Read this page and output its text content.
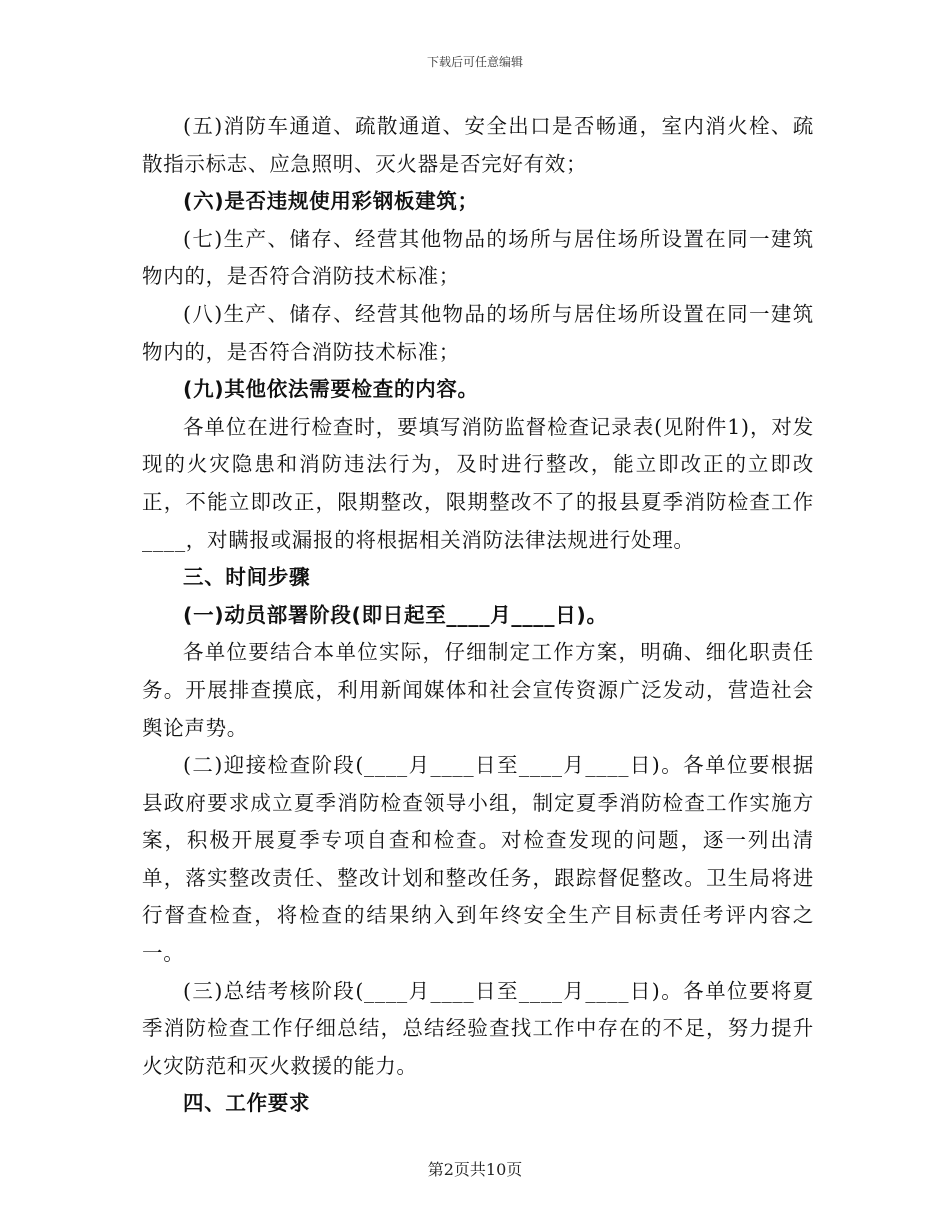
下载后可任意编辑

(五)消防车通道、疏散通道、安全出口是否畅通，室内消火栓、疏散指示标志、应急照明、灭火器是否完好有效；

(六)是否违规使用彩钢板建筑；

(七)生产、储存、经营其他物品的场所与居住场所设置在同一建筑物内的，是否符合消防技术标准；

(八)生产、储存、经营其他物品的场所与居住场所设置在同一建筑物内的，是否符合消防技术标准；

(九)其他依法需要检查的内容。

各单位在进行检查时，要填写消防监督检查记录表(见附件1)，对发现的火灾隐患和消防违法行为，及时进行整改，能立即改正的立即改正，不能立即改正，限期整改，限期整改不了的报县夏季消防检查工作____，对瞒报或漏报的将根据相关消防法律法规进行处理。

三、时间步骤

(一)动员部署阶段(即日起至____月____日)。

各单位要结合本单位实际，仔细制定工作方案，明确、细化职责任务。开展排查摸底，利用新闻媒体和社会宣传资源广泛发动，营造社会舆论声势。

(二)迎接检查阶段(____月____日至____月____日)。各单位要根据县政府要求成立夏季消防检查领导小组，制定夏季消防检查工作实施方案，积极开展夏季专项自查和检查。对检查发现的问题，逐一列出清单，落实整改责任、整改计划和整改任务，跟踪督促整改。卫生局将进行督查检查，将检查的结果纳入到年终安全生产目标责任考评内容之一。

(三)总结考核阶段(____月____日至____月____日)。各单位要将夏季消防检查工作仔细总结，总结经验查找工作中存在的不足，努力提升火灾防范和灭火救援的能力。

四、工作要求

第2页共10页
